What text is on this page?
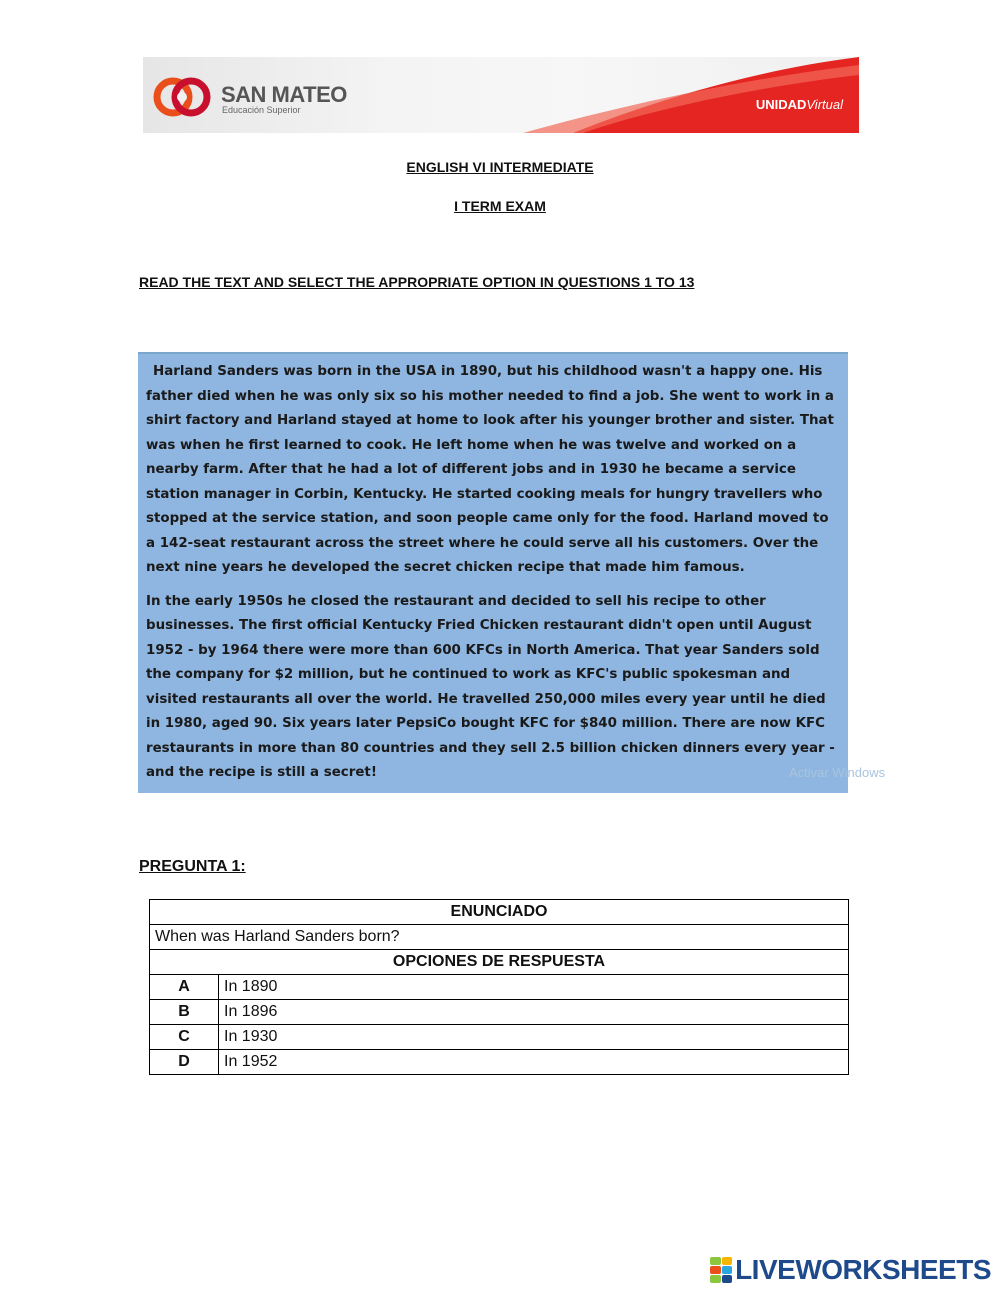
SAN MATEO
Educación Superior	UNIDADVirtual
ENGLISH VI INTERMEDIATE
I TERM EXAM
READ THE TEXT AND SELECT THE APPROPRIATE OPTION IN QUESTIONS 1 TO 13

Harland Sanders was born in the USA in 1890, but his childhood wasn't a happy one. His father died when he was only six so his mother needed to find a job. She went to work in a shirt factory and Harland stayed at home to look after his younger brother and sister. That was when he first learned to cook. He left home when he was twelve and worked on a nearby farm. After that he had a lot of different jobs and in 1930 he became a service station manager in Corbin, Kentucky. He started cooking meals for hungry travellers who stopped at the service station, and soon people came only for the food. Harland moved to a 142-seat restaurant across the street where he could serve all his customers. Over the next nine years he developed the secret chicken recipe that made him famous.

In the early 1950s he closed the restaurant and decided to sell his recipe to other businesses. The first official Kentucky Fried Chicken restaurant didn't open until August 1952 - by 1964 there were more than 600 KFCs in North America. That year Sanders sold the company for $2 million, but he continued to work as KFC's public spokesman and visited restaurants all over the world. He travelled 250,000 miles every year until he died in 1980, aged 90. Six years later PepsiCo bought KFC for $840 million. There are now KFC restaurants in more than 80 countries and they sell 2.5 billion chicken dinners every year - and the recipe is still a secret!	Activar Windows
PREGUNTA 1:
ENUNCIADO	
When was Harland Sanders born?	
OPCIONES DE RESPUESTA	
A	In 1890
B	In 1896
C	In 1930
D	In 1952
LIVEWORKSHEETS
